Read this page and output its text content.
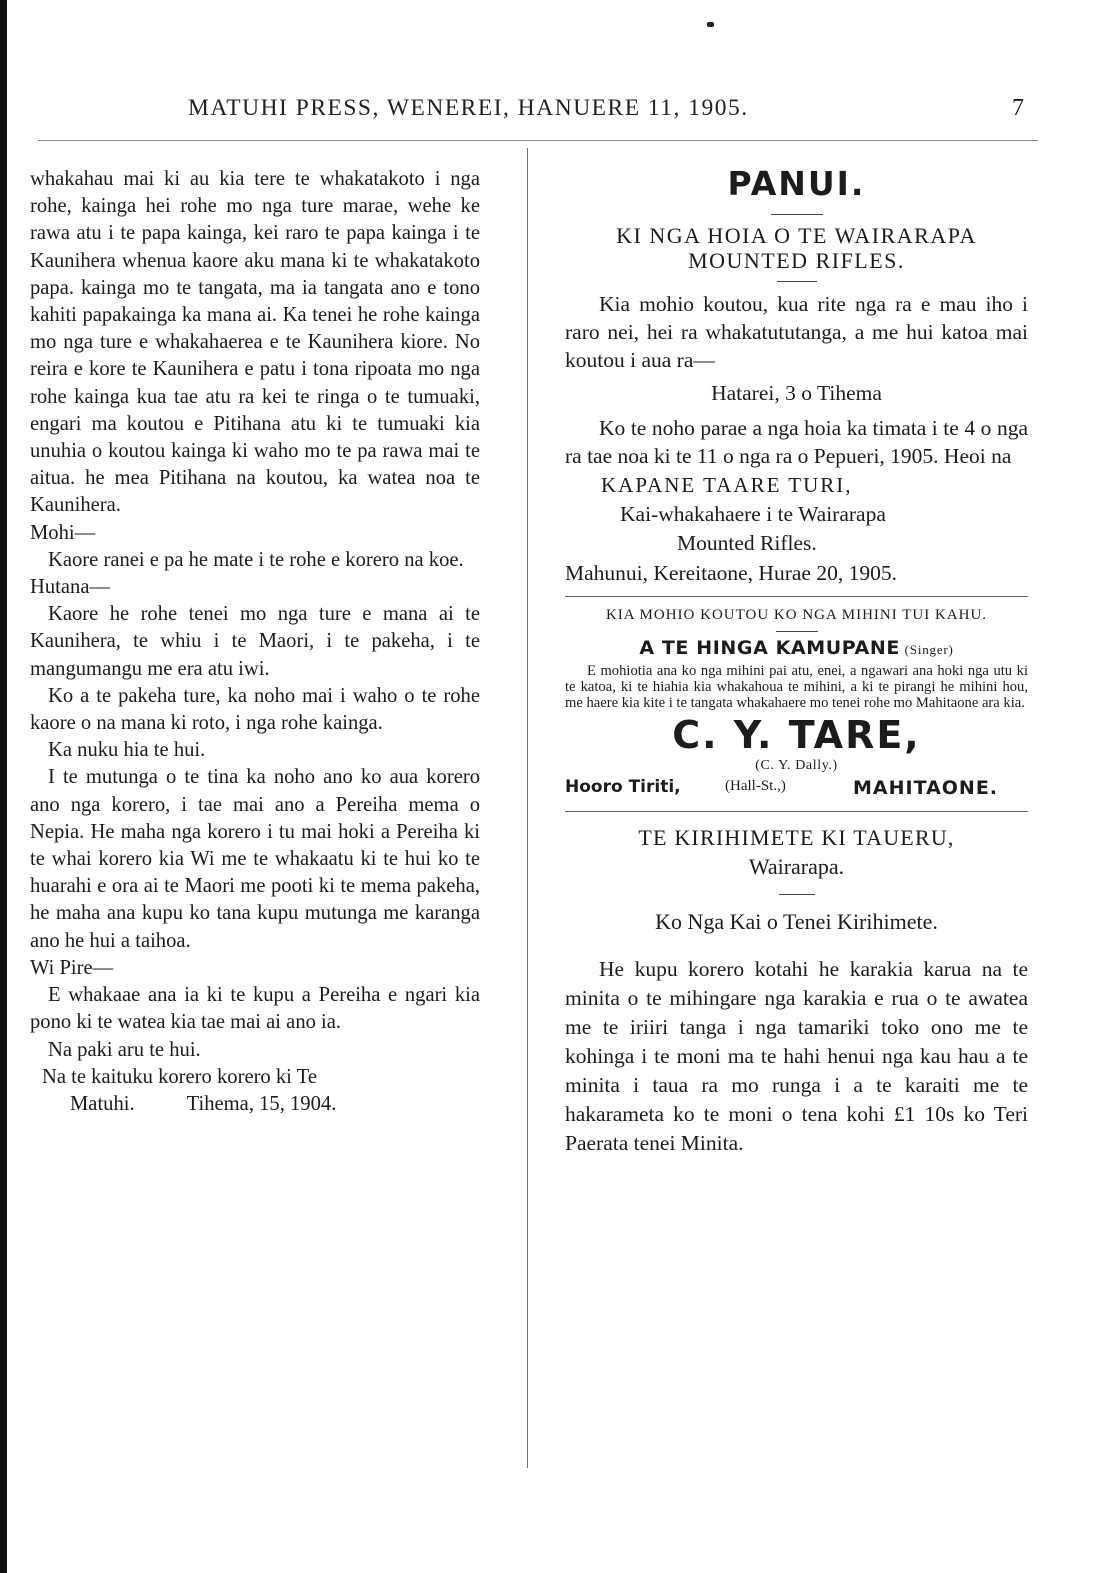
MATUHI PRESS, WENEREI, HANUERE 11, 1905.	7

whakahau mai ki au kia tere te whakatakoto i nga rohe, kainga hei rohe mo nga ture marae, wehe ke rawa atu i te papa kainga, kei raro te papa kainga i te Kaunihera whenua kaore aku mana ki te whakatakoto papa. kainga mo te tangata, ma ia tangata ano e tono kahiti papakainga ka mana ai. Ka tenei he rohe kainga mo nga ture e whakahaerea e te Kaunihera kiore. No reira e kore te Kaunihera e patu i tona ripoata mo nga rohe kainga kua tae atu ra kei te ringa o te tumuaki, engari ma koutou e Pitihana atu ki te tumuaki kia unuhia o koutou kainga ki waho mo te pa rawa mai te aitua. he mea Pitihana na koutou, ka watea noa te Kaunihera.

Mohi—

Kaore ranei e pa he mate i te rohe e korero na koe.

Hutana—

Kaore he rohe tenei mo nga ture e mana ai te Kaunihera, te whiu i te Maori, i te pakeha, i te mangumangu me era atu iwi.

Ko a te pakeha ture, ka noho mai i waho o te rohe kaore o na mana ki roto, i nga rohe kainga.

Ka nuku hia te hui.

I te mutunga o te tina ka noho ano ko aua korero ano nga korero, i tae mai ano a Pereiha mema o Nepia. He maha nga korero i tu mai hoki a Pereiha ki te whai korero kia Wi me te whakaatu ki te hui ko te huarahi e ora ai te Maori me pooti ki te mema pakeha, he maha ana kupu ko tana kupu mutunga me karanga ano he hui a taihoa.

Wi Pire—

E whakaae ana ia ki te kupu a Pereiha e ngari kia pono ki te watea kia tae mai ai ano ia.

Na paki aru te hui.

Na te kaituku korero korero ki Te

Matuhi.	Tihema, 15, 1904.

PANUI.

KI NGA HOIA O TE WAIRARAPA

MOUNTED RIFLES.

Kia mohio koutou, kua rite nga ra e mau iho i raro nei, hei ra whakatututanga, a me hui katoa mai koutou i aua ra—

Hatarei, 3 o Tihema

Ko te noho parae a nga hoia ka timata i te 4 o nga ra tae noa ki te 11 o nga ra o Pepueri, 1905. Heoi na

KAPANE TAARE TURI,

Kai-whakahaere i te Wairarapa

Mounted Rifles.

Mahunui, Kereitaone, Hurae 20, 1905.

KIA MOHIO KOUTOU KO NGA MIHINI TUI KAHU.

A TE HINGA KAMUPANE (Singer)

E mohiotia ana ko nga mihini pai atu, enei, a ngawari ana hoki nga utu ki te katoa, ki te hiahia kia whakahoua te mihini, a ki te pirangi he mihini hou, me haere kia kite i te tangata whakahaere mo tenei rohe mo Mahitaone ara kia.

C. Y. TARE,

(C. Y. Dally.)

Hooro Tiriti,	(Hall-St.,)	MAHITAONE.

TE KIRIHIMETE KI TAUERU,

Wairarapa.

Ko Nga Kai o Tenei Kirihimete.

He kupu korero kotahi he karakia karua na te minita o te mihingare nga karakia e rua o te awatea me te iriiri tanga i nga tamariki toko ono me te kohinga i te moni ma te hahi henui nga kau hau a te minita i taua ra mo runga i a te karaiti me te hakarameta ko te moni o tena kohi £1 10s ko Teri Paerata tenei Minita.
